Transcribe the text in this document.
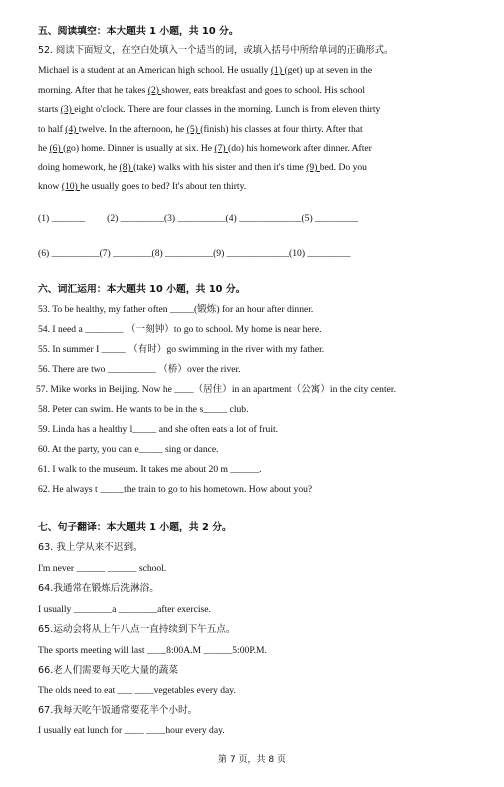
五、阅读填空：本大题共 1 小题，共 10 分。
52. 阅读下面短文，在空白处填入一个适当的词，或填入括号中所给单词的正确形式。
Michael is a student at an American high school. He usually (1) (get) up at seven in the
morning. After that he takes (2) shower, eats breakfast and goes to school. His school
starts (3) eight o'clock. There are four classes in the morning. Lunch is from eleven thirty
to half (4) twelve. In the afternoon, he (5) (finish) his classes at four thirty. After that
he (6) (go) home. Dinner is usually at six. He (7) (do) his homework after dinner. After
doing homework, he (8) (take) walks with his sister and then it's time (9) bed. Do you
know (10) he usually goes to bed? It's about ten thirty.
(1) _______ (2) _________(3) __________(4) _____________(5) _________
(6) __________(7) ________(8) __________(9) _____________(10) _________
六、词汇运用：本大题共 10 小题，共 10 分。
53. To be healthy, my father often _____(锻炼) for an hour after dinner.
54. I need a ________ （一刻钟）to go to school. My home is near here.
55. In summer I _____ （有时）go swimming in the river with my father.
56. There are two __________ （桥）over the river.
57. Mike works in Beijing. Now he ____（居住）in an apartment（公寓）in the city center.
58. Peter can swim. He wants to be in the s_____ club.
59. Linda has a healthy l_____ and she often eats a lot of fruit.
60. At the party, you can e_____ sing or dance.
61. I walk to the museum. It takes me about 20 m ______.
62. He always t _____the train to go to his hometown. How about you?
七、句子翻译：本大题共 1 小题，共 2 分。
63. 我上学从来不迟到。
I'm never ______ ______ school.
64.我通常在锻炼后洗淋浴。
I usually ________a ________after exercise.
65.运动会将从上午八点一直持续到下午五点。
The sports meeting will last ____8:00A.M ______5:00P.M.
66.老人们需要每天吃大量的蔬菜
The olds need to eat ___ ____vegetables every day.
67.我每天吃午饭通常要花半个小时。
I usually eat lunch for ____ ____hour every day.
第 7 页，共 8 页
